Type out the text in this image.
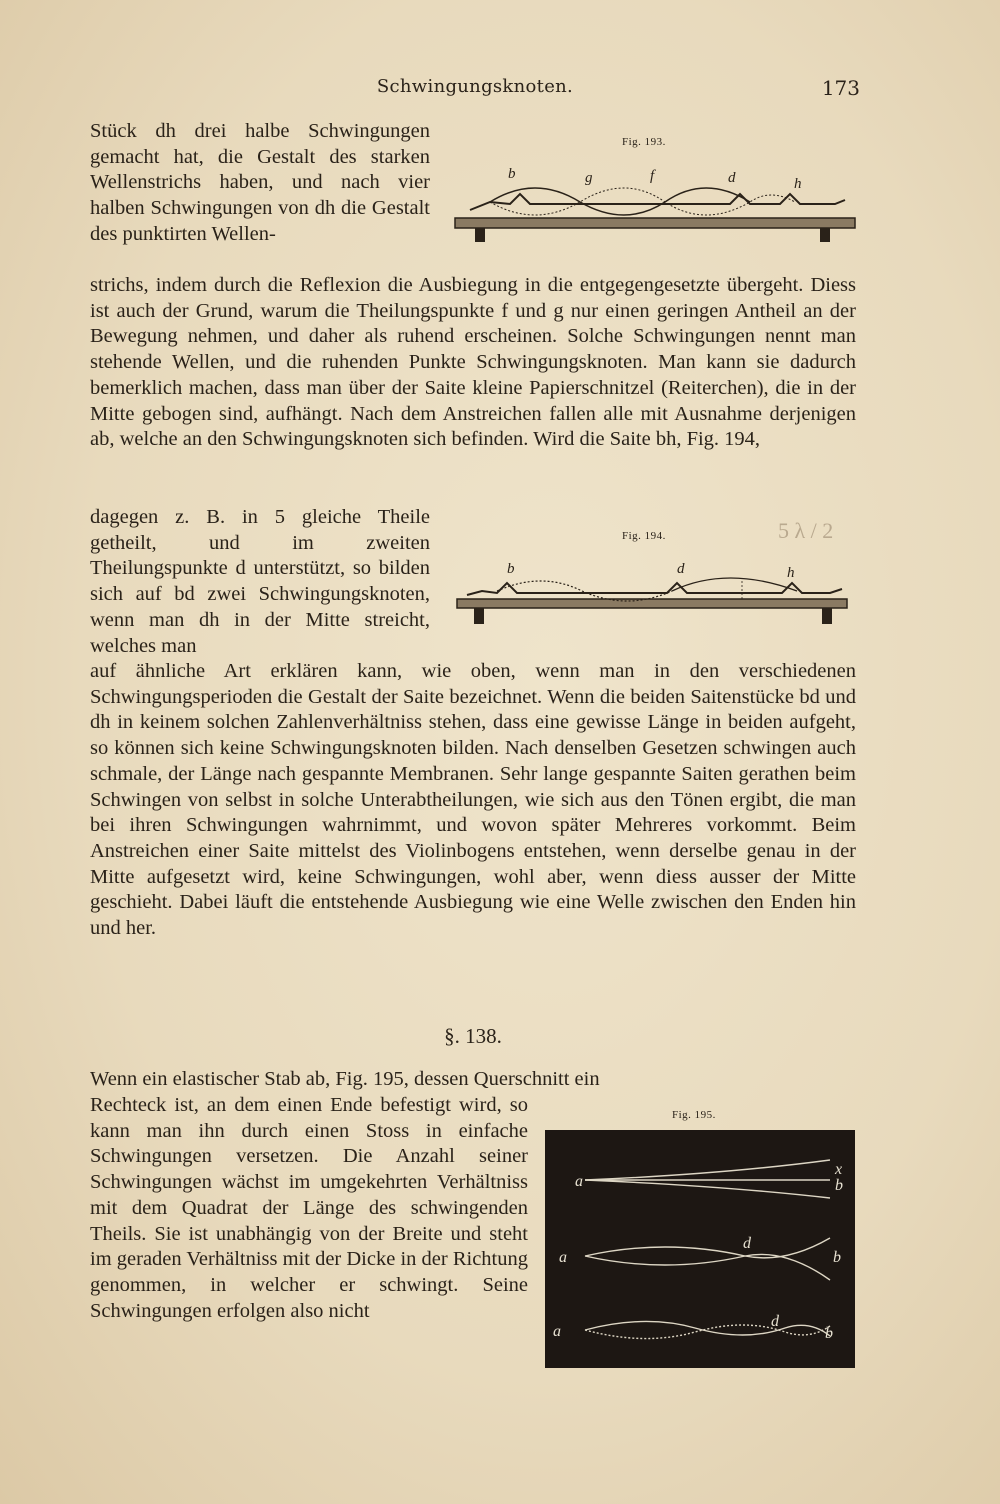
Schwingungsknoten.	173

Stück dh drei halbe Schwingungen gemacht hat, die Gestalt des starken Wellenstrichs haben, und nach vier halben Schwingungen von dh die Gestalt des punktirten Wellen-

Fig. 193.
b	g	f	d	h

strichs, indem durch die Reflexion die Ausbiegung in die entgegengesetzte übergeht. Diess ist auch der Grund, warum die Theilungspunkte f und g nur einen geringen Antheil an der Bewegung nehmen, und daher als ruhend erscheinen. Solche Schwingungen nennt man stehende Wellen, und die ruhenden Punkte Schwingungsknoten. Man kann sie dadurch bemerklich machen, dass man über der Saite kleine Papierschnitzel (Reiterchen), die in der Mitte gebogen sind, aufhängt. Nach dem Anstreichen fallen alle mit Ausnahme derjenigen ab, welche an den Schwingungsknoten sich befinden. Wird die Saite bh, Fig. 194,

dagegen z. B. in 5 gleiche Theile getheilt, und im zweiten Theilungspunkte d unterstützt, so bilden sich auf bd zwei Schwingungsknoten, wenn man dh in der Mitte streicht, welches man

Fig. 194.
b	d	h
5 λ / 2

auf ähnliche Art erklären kann, wie oben, wenn man in den verschiedenen Schwingungsperioden die Gestalt der Saite bezeichnet. Wenn die beiden Saitenstücke bd und dh in keinem solchen Zahlenverhältniss stehen, dass eine gewisse Länge in beiden aufgeht, so können sich keine Schwingungsknoten bilden. Nach denselben Gesetzen schwingen auch schmale, der Länge nach gespannte Membranen. Sehr lange gespannte Saiten gerathen beim Schwingen von selbst in solche Unterabtheilungen, wie sich aus den Tönen ergibt, die man bei ihren Schwingungen wahrnimmt, und wovon später Mehreres vorkommt. Beim Anstreichen einer Saite mittelst des Violinbogens entstehen, wenn derselbe genau in der Mitte aufgesetzt wird, keine Schwingungen, wohl aber, wenn diess ausser der Mitte geschieht. Dabei läuft die entstehende Ausbiegung wie eine Welle zwischen den Enden hin und her.

§. 138.

Wenn ein elastischer Stab ab, Fig. 195, dessen Querschnitt ein

Rechteck ist, an dem einen Ende befestigt wird, so kann man ihn durch einen Stoss in einfache Schwingungen versetzen. Die Anzahl seiner Schwingungen wächst im umgekehrten Verhältniss mit dem Quadrat der Länge des schwingenden Theils. Sie ist unabhängig von der Breite und steht im geraden Verhältniss mit der Dicke in der Richtung genommen, in welcher er schwingt. Seine Schwingungen erfolgen also nicht

Fig. 195.
a	b
x
a
d
b
a
d
b
